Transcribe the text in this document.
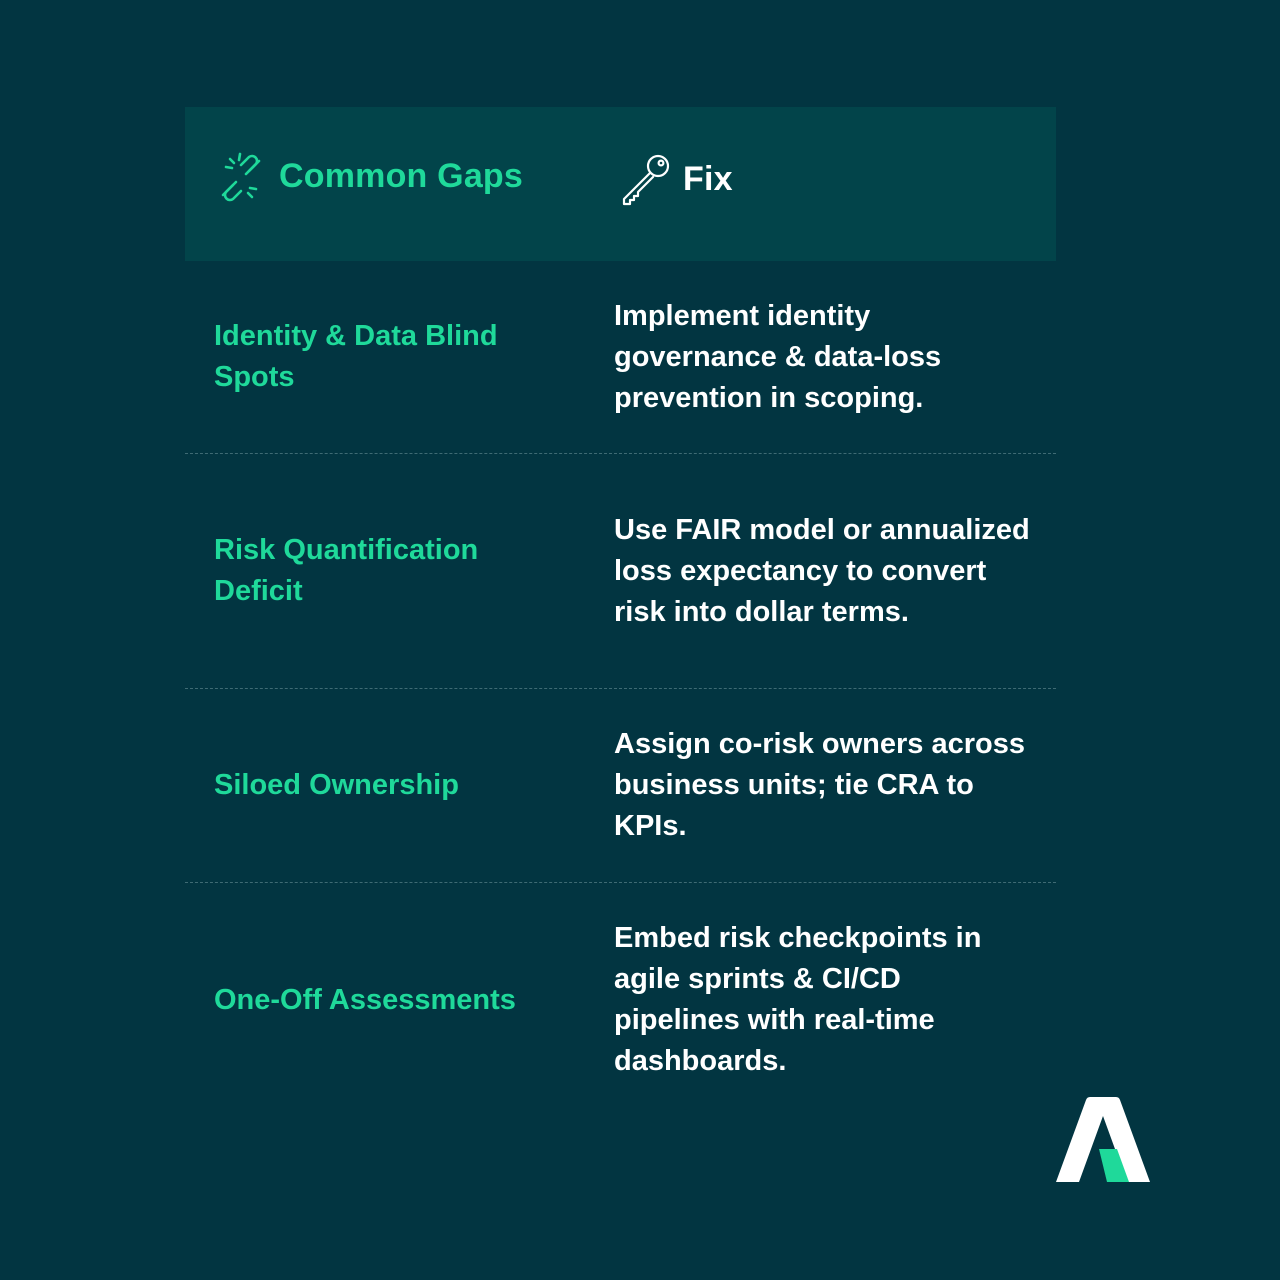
Common Gaps	Fix
Identity & Data Blind Spots
Implement identity governance & data-loss prevention in scoping.
Risk Quantification Deficit
Use FAIR model or annualized loss expectancy to convert risk into dollar terms.
Siloed Ownership
Assign co-risk owners across business units; tie CRA to KPIs.
One-Off Assessments
Embed risk checkpoints in agile sprints & CI/CD pipelines with real-time dashboards.
